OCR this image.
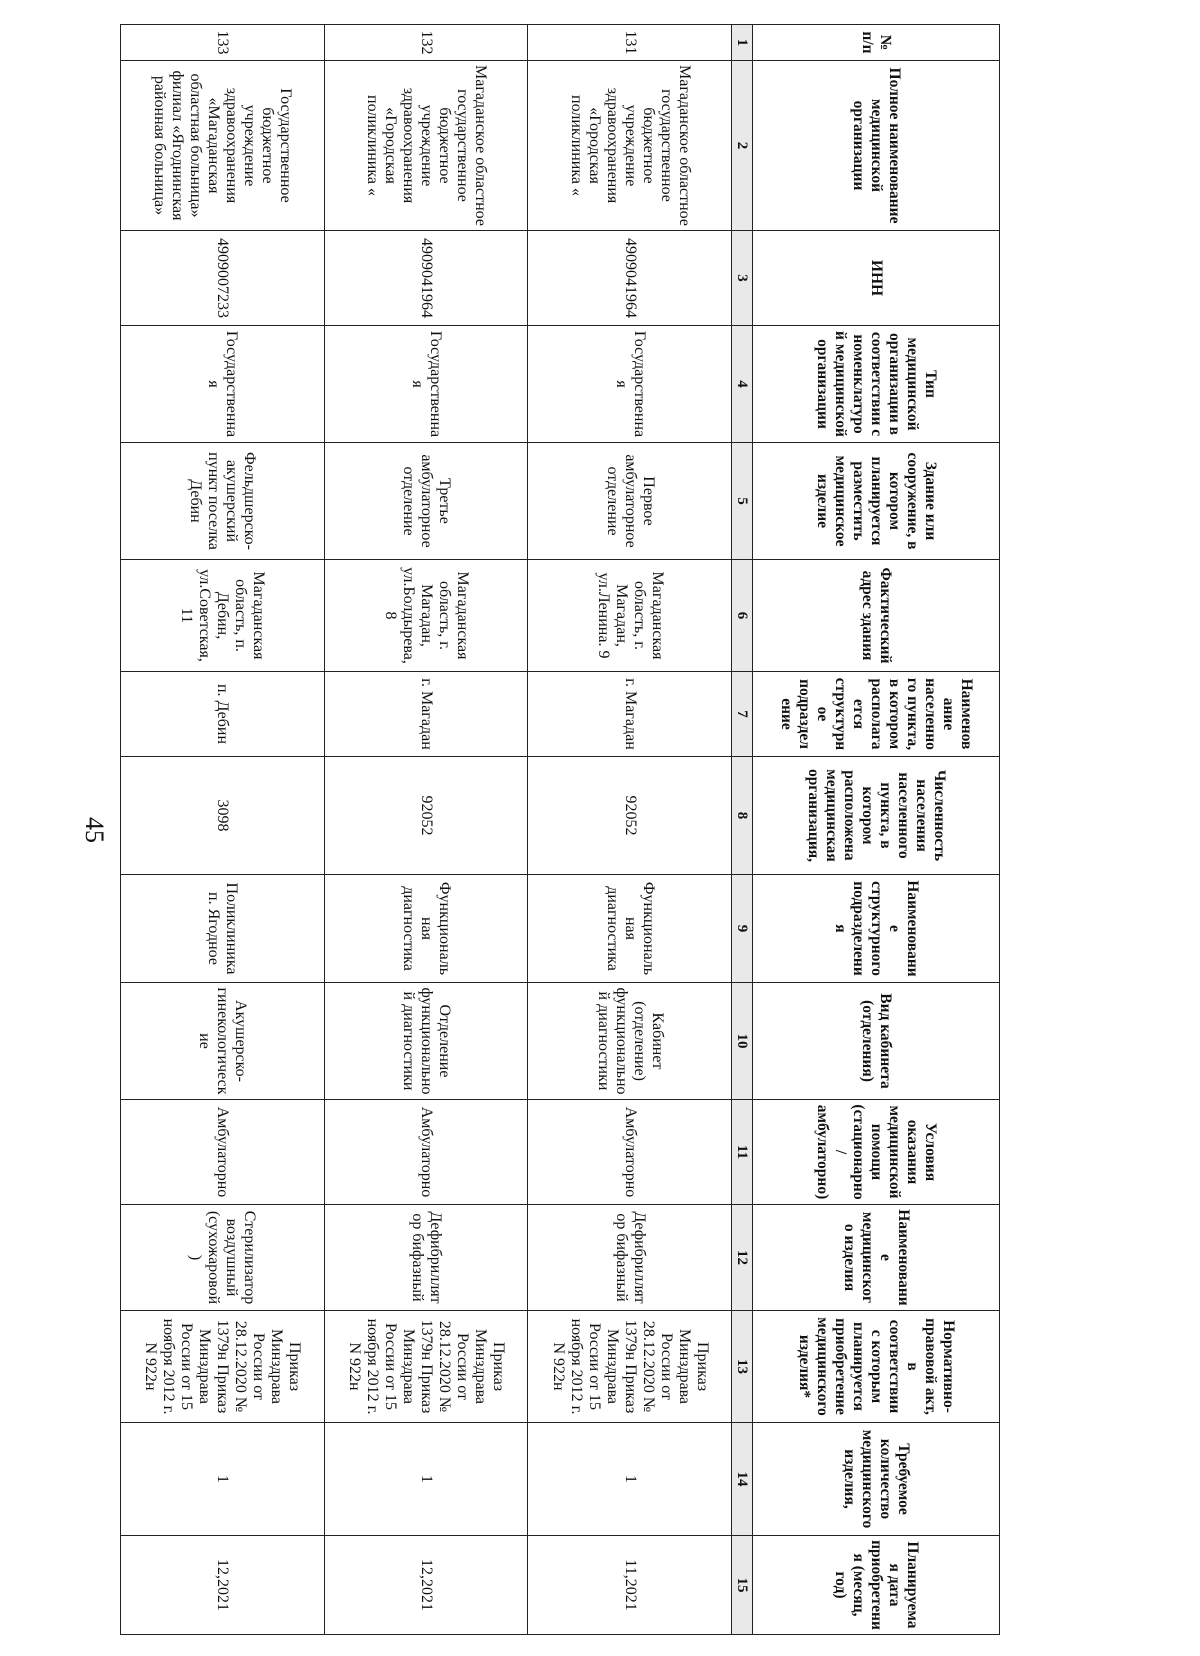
45
№ п/п	Полное наименование медицинской организации	ИНН	Тип медицинской организации в соответствии с номенклатурой медицинской организации	Здание или сооружение, в котором планируется разместить медицинское изделие	Фактический адрес здания	Наименование населенного пункта, в котором располагается структурное подразделение	Численность населения населенного пункта, в котором расположена медицинская организация,	Наименование структурного подразделения	Вид кабинета (отделения)	Условия оказания медицинской помощи (стационарно/амбулаторно)	Наименование медицинского изделия	Нормативно-правовой акт, в соответствии с которым планируется приобретение медицинского изделия*	Требуемое количество медицинского изделия,	Планируемая дата приобретения (месяц, год)
1	2	3	4	5	6	7	8	9	10	11	12	13	14	15
131	Магаданское областное государственное бюджетное учреждение здравоохранения «Городская поликлиника «	4909041964	Государственная	Первое амбулаторное отделение	Магаданская область, г. Магадан, ул.Ленина. 9	г. Магадан	92052	Функциональ ная диагностика	Кабинет (отделение) функционально й диагностики	Амбулаторно	Дефибриллят ор бифазный	Приказ Минздрава России от 28.12.2020 № 1379н Приказ Минздрава России от 15 ноября 2012 г. N 922н	1	11,2021
132	Магаданское областное государственное бюджетное учреждение здравоохранения «Городская поликлиника «	4909041964	Государственная	Третье амбулаторное отделение	Магаданская область, г. Магадан, ул.Болдырева, 8	г. Магадан	92052	Функциональ ная диагностика	Отделение функционально й диагностики	Амбулаторно	Дефибриллят ор бифазный	Приказ Минздрава России от 28.12.2020 № 1379н Приказ Минздрава России от 15 ноября 2012 г. N 922н	1	12,2021
133	Государственное бюджетное учреждение здравоохранения «Магаданская областная больница» филиал «Ягоднинская районная больница»	4909007233	Государственная	Фельдшерско-акушерский пункт поселка Дебин	Магаданская область, п. Дебин, ул.Советская, 11	п. Дебин	3098	Поликлиника п. Ягодное	Акушерско-гинекологическ ие	Амбулаторно	Стерилизатор воздушный (сухожаровой )	Приказ Минздрава России от 28.12.2020 № 1379н Приказ Минздрава России от 15 ноября 2012 г. N 922н	1	12,2021
